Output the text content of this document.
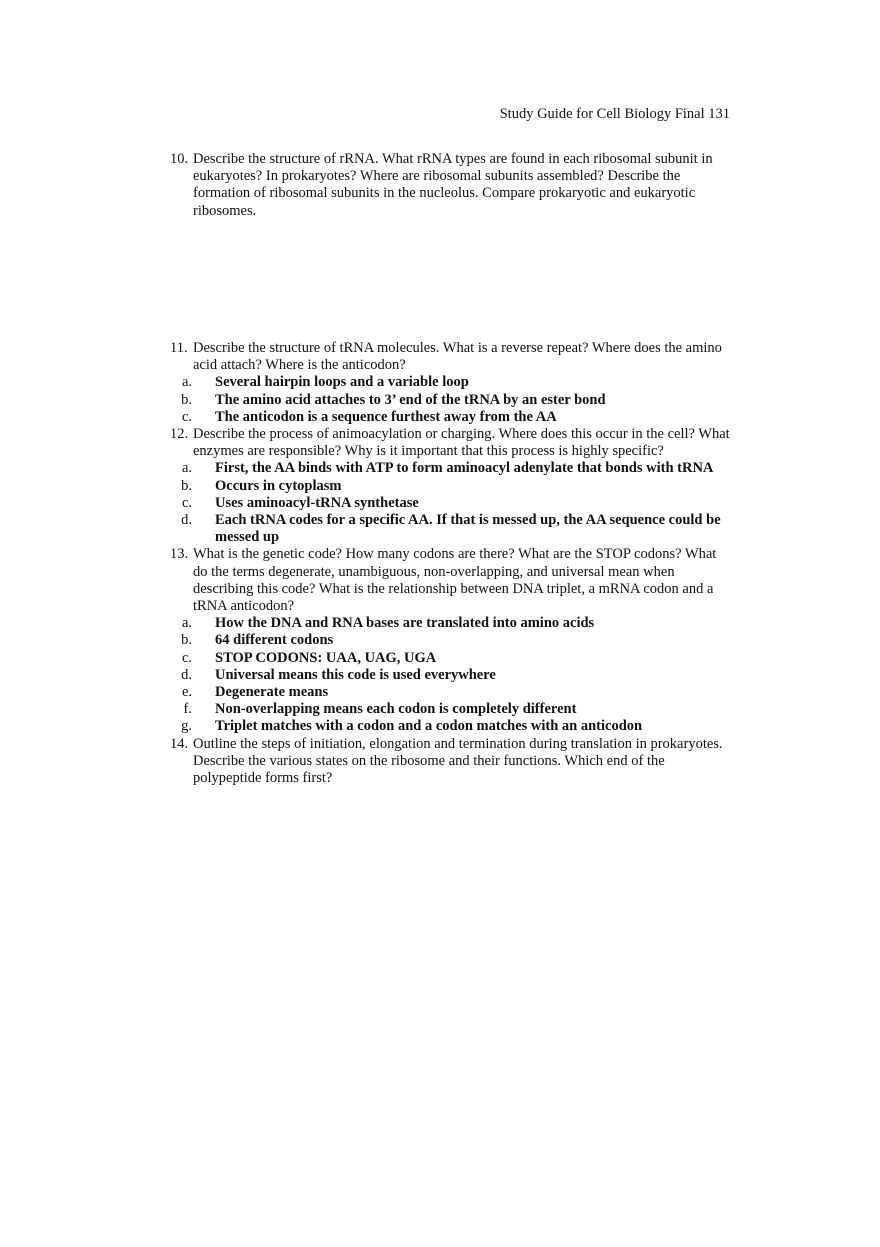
Study Guide for Cell Biology Final 131
10. Describe the structure of rRNA. What rRNA types are found in each ribosomal subunit in eukaryotes? In prokaryotes? Where are ribosomal subunits assembled? Describe the formation of ribosomal subunits in the nucleolus. Compare prokaryotic and eukaryotic ribosomes.
11. Describe the structure of tRNA molecules. What is a reverse repeat? Where does the amino acid attach? Where is the anticodon?
a.	Several hairpin loops and a variable loop
b.	The amino acid attaches to 3’ end of the tRNA by an ester bond
c.	The anticodon is a sequence furthest away from the AA
12. Describe the process of animoacylation or charging. Where does this occur in the cell? What enzymes are responsible? Why is it important that this process is highly specific?
a.	First, the AA binds with ATP to form aminoacyl adenylate that bonds with tRNA
b.	Occurs in cytoplasm
c.	Uses aminoacyl-tRNA synthetase
d.	Each tRNA codes for a specific AA. If that is messed up, the AA sequence could be messed up
13. What is the genetic code? How many codons are there? What are the STOP codons? What do the terms degenerate, unambiguous, non-overlapping, and universal mean when describing this code? What is the relationship between DNA triplet, a mRNA codon and a tRNA anticodon?
a.	How the DNA and RNA bases are translated into amino acids
b.	64 different codons
c.	STOP CODONS: UAA, UAG, UGA
d.	Universal means this code is used everywhere
e.	Degenerate means
f.	Non-overlapping means each codon is completely different
g.	Triplet matches with a codon and a codon matches with an anticodon
14. Outline the steps of initiation, elongation and termination during translation in prokaryotes. Describe the various states on the ribosome and their functions. Which end of the polypeptide forms first?
